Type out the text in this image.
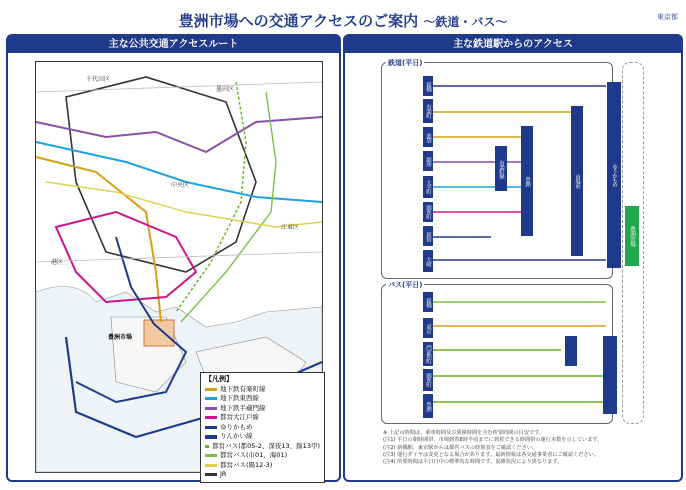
豊洲市場への交通アクセスのご案内 ～鉄道・バス～	東京都
主な公共交通アクセスルート
千代田区
墨田区
中央区
江東区
港区
豊洲市場
【凡例】
地下鉄有楽町線
地下鉄東西線
地下鉄半蔵門線
都営大江戸線
ゆりかもめ
りんかい線
都営バス(都05-2、深夜13、錦13甲)
都営バス(市01、海01)
都営バス(陽12-3)
JR
主な鉄道駅からのアクセス
豊洲市場
鉄道(平日)
新橋
有楽町
池袋
銀座
大手町
錦糸町
新宿
大崎
有楽町線
豊洲	市場前	ゆりかもめ
バス(平日)
新橋
東京
門前仲町
錦糸町
豊洲
※ 上記の時間は、乗車時間及び乗換時間を含む所要時間の目安です。
(注1) 平日の朝時間帯、市場到着8時半頃までに到着できる時間帯の運行本数を示しています。
(注2) 新橋駅、東京駅からは都営バスの時刻表をご確認ください。
(注3) 運行ダイヤは変更となる場合があります。最新情報は各交通事業者にご確認ください。
(注4) 所要時間は平日日中の標準的な時間です。混雑状況により異なります。
